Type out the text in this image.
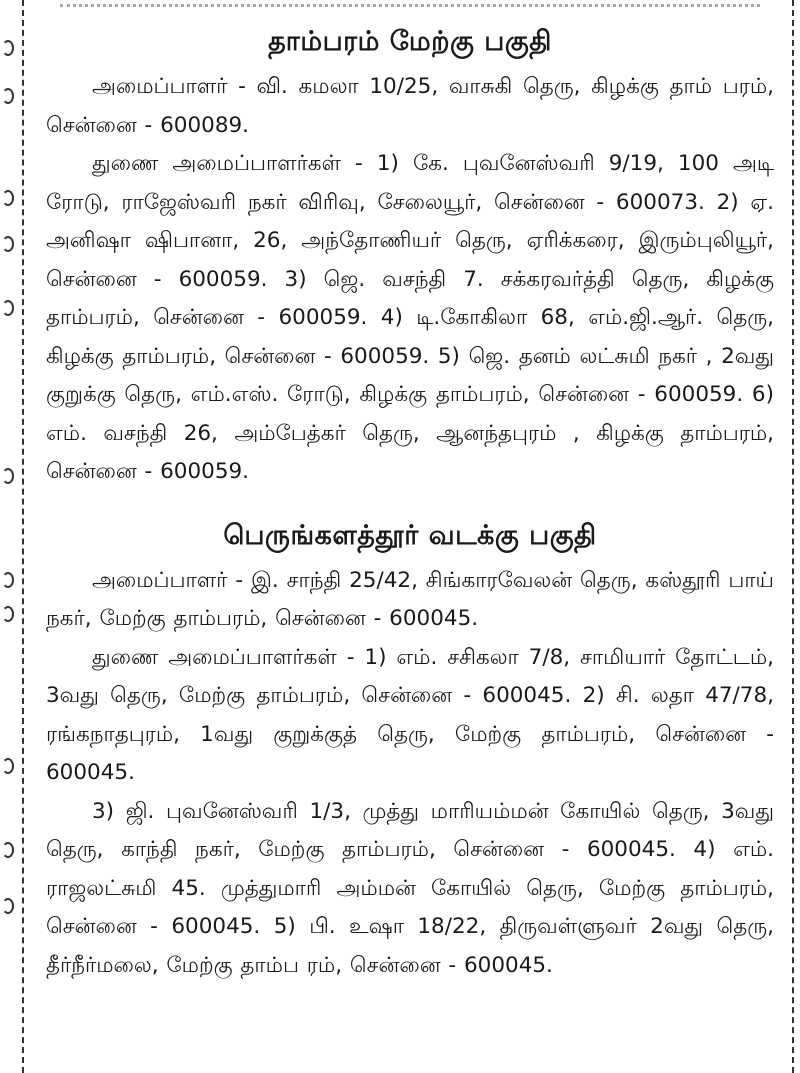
தாம்பரம் மேற்கு பகுதி

அமைப்பாளர் - வி. கமலா 10/25, வாசுகி தெரு, கிழக்கு தாம் பரம், சென்னை - 600089.

துணை அமைப்பாளர்கள் - 1) கே. புவனேஸ்வரி 9/19, 100 அடி ரோடு, ராஜேஸ்வரி நகர் விரிவு, சேலையூர், சென்னை - 600073. 2) ஏ. அனிஷா ஷிபானா, 26, அந்தோணியர் தெரு, ஏரிக்கரை, இரும்புலியூர், சென்னை - 600059. 3) ஜெ. வசந்தி 7. சக்கரவர்த்தி தெரு, கிழக்கு தாம்பரம், சென்னை - 600059. 4) டி.கோகிலா 68, எம்.ஜி.ஆர். தெரு, கிழக்கு தாம்பரம், சென்னை - 600059. 5) ஜெ. தனம் லட்சுமி நகர் , 2வது குறுக்கு தெரு, எம்.எஸ். ரோடு, கிழக்கு தாம்பரம், சென்னை - 600059. 6) எம். வசந்தி 26, அம்பேத்கர் தெரு, ஆனந்தபுரம் , கிழக்கு தாம்பரம், சென்னை - 600059.

பெருங்களத்தூர் வடக்கு பகுதி

அமைப்பாளர் - இ. சாந்தி 25/42, சிங்காரவேலன் தெரு, கஸ்தூரி பாய் நகர், மேற்கு தாம்பரம், சென்னை - 600045.

துணை அமைப்பாளர்கள் - 1) எம். சசிகலா 7/8, சாமியார் தோட்டம், 3வது தெரு, மேற்கு தாம்பரம், சென்னை - 600045. 2) சி. லதா 47/78, ரங்கநாதபுரம், 1வது குறுக்குத் தெரு, மேற்கு தாம்பரம், சென்னை - 600045.

3) ஜி. புவனேஸ்வரி 1/3, முத்து மாரியம்மன் கோயில் தெரு, 3வது தெரு, காந்தி நகர், மேற்கு தாம்பரம், சென்னை - 600045. 4) எம். ராஜலட்சுமி 45. முத்துமாரி அம்மன் கோயில் தெரு, மேற்கு தாம்பரம், சென்னை - 600045. 5) பி. உஷா 18/22, திருவள்ளுவர் 2வது தெரு, தீர்நீர்மலை, மேற்கு தாம்ப ரம், சென்னை - 600045.
